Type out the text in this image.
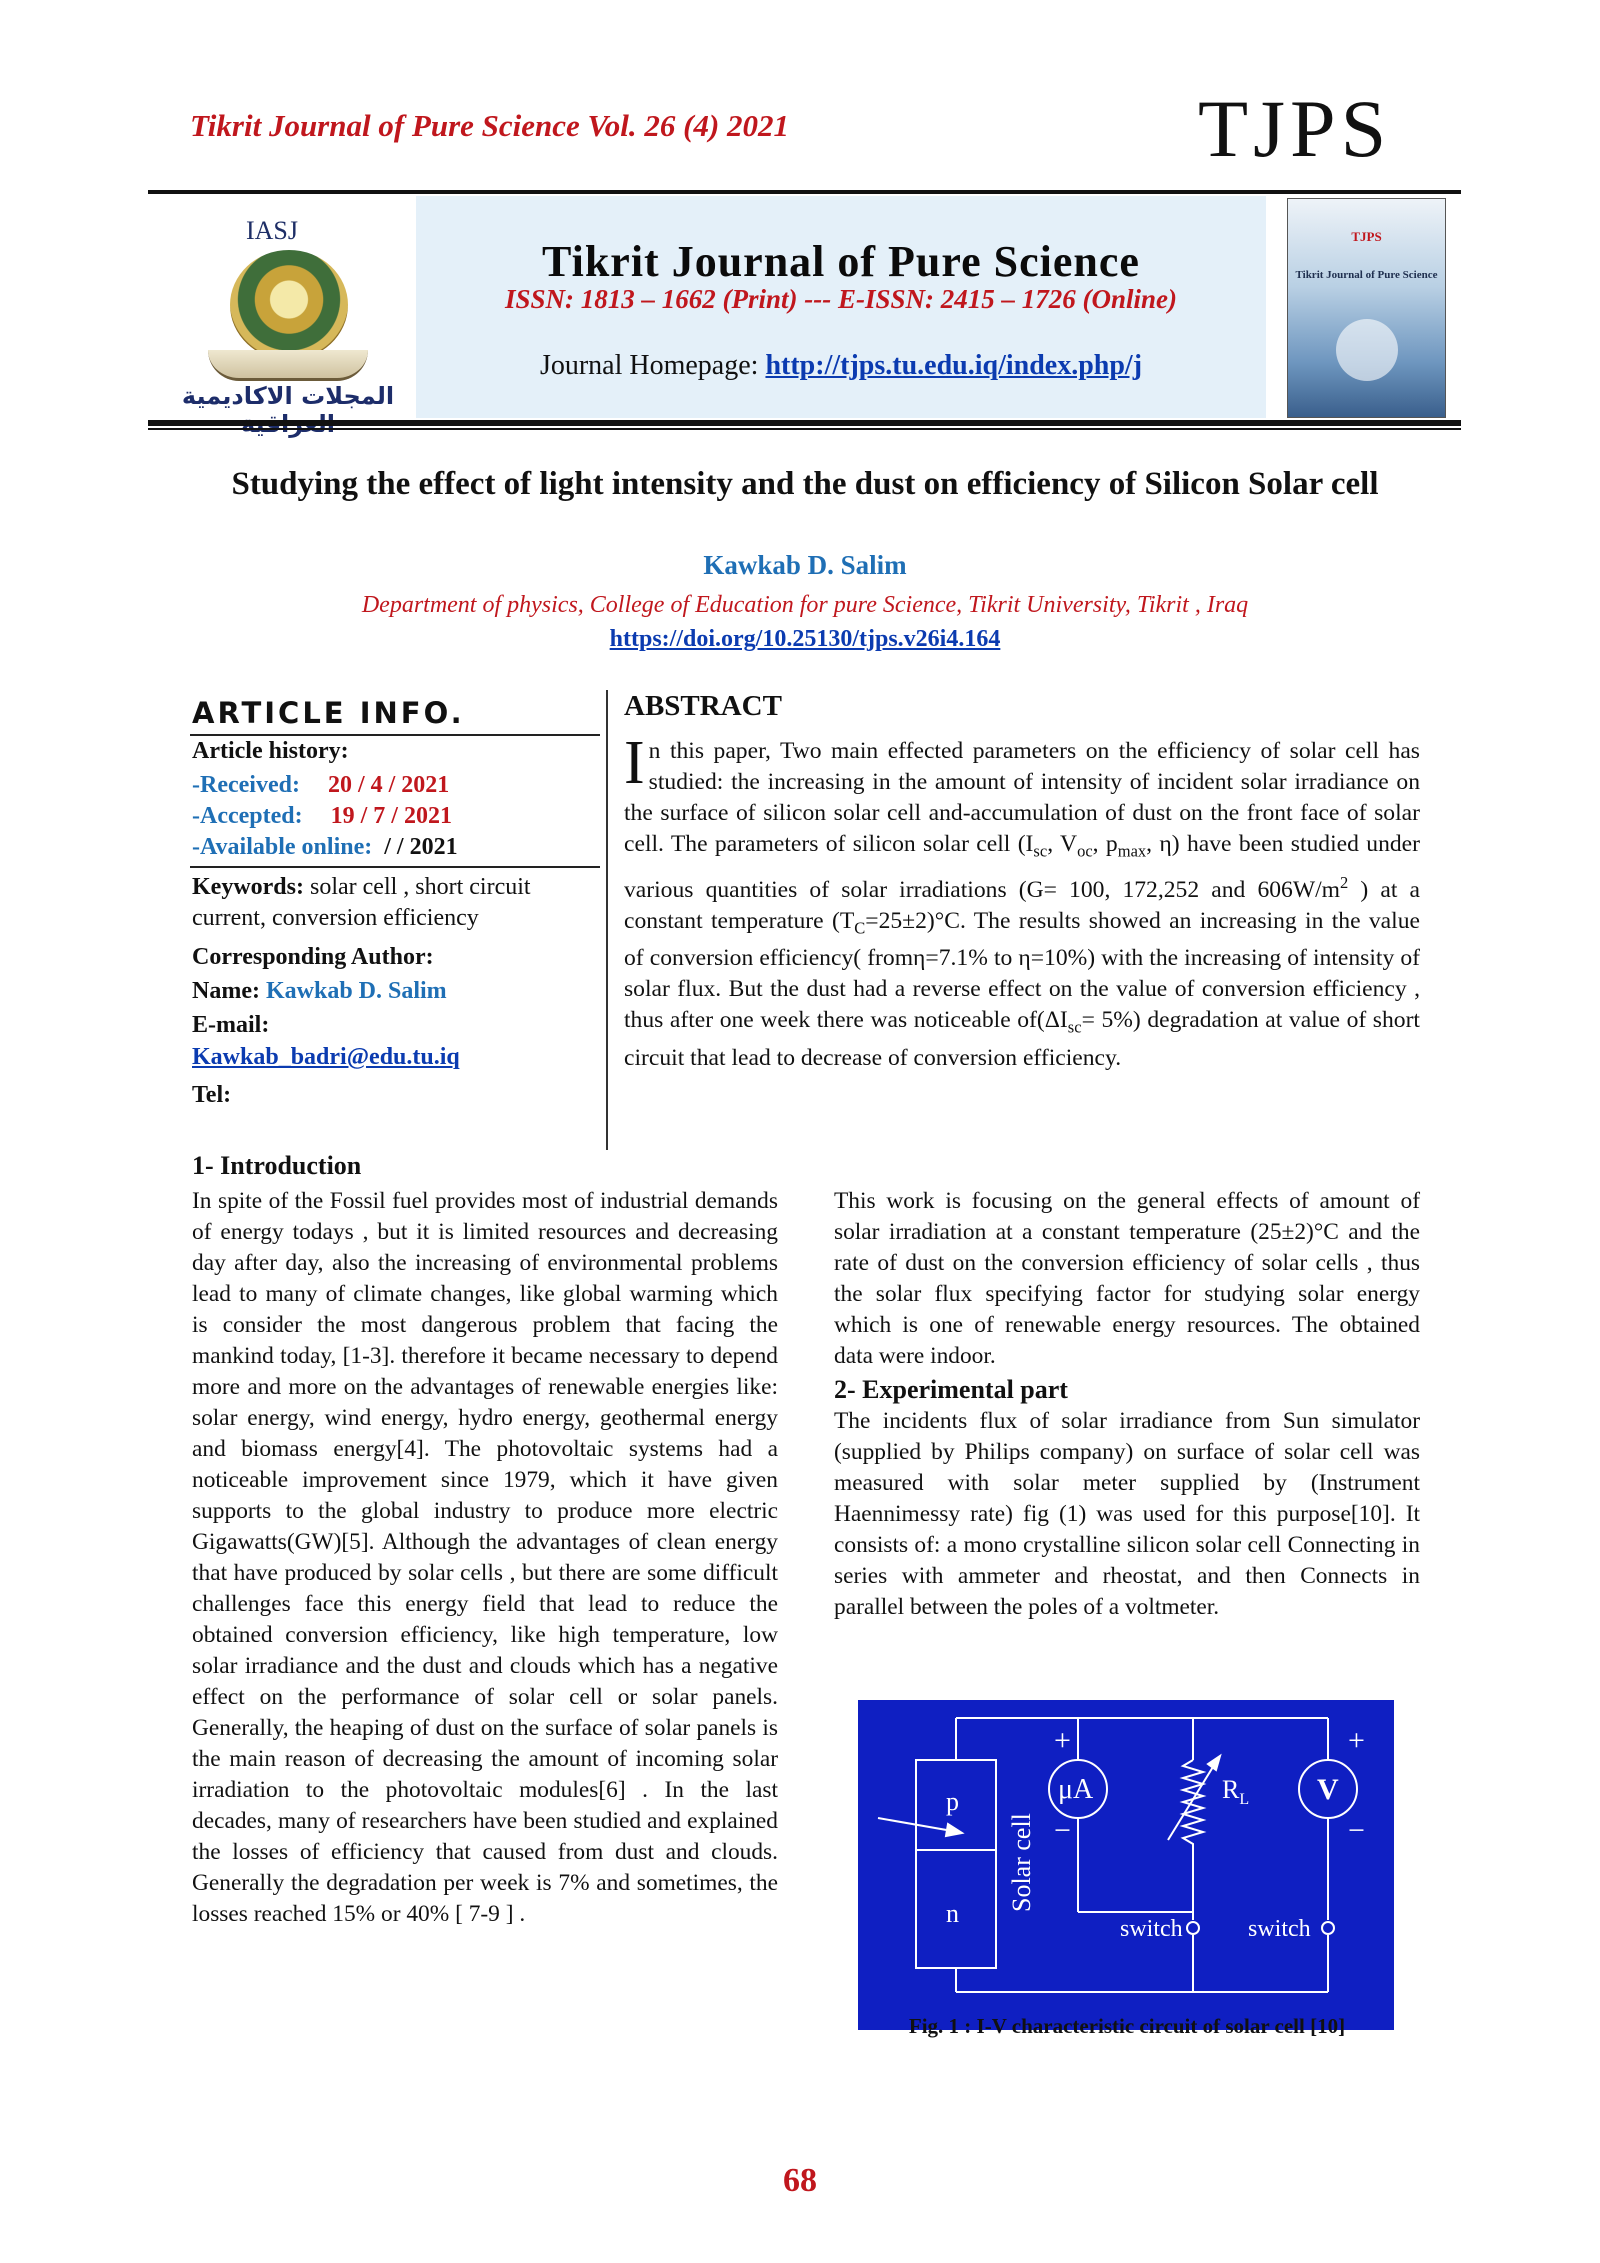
Tikrit Journal of Pure Science Vol. 26 (4) 2021	TJPS
IASJ
المجلات الاكاديمية
Tikrit Journal of Pure Science
ISSN: 1813 – 1662 (Print) --- E-ISSN: 2415 – 1726 (Online)
Journal Homepage: http://tjps.tu.edu.iq/index.php/j
TJPS
Tikrit Journal of Pure Science
Studying the effect of light intensity and the dust on efficiency of Silicon Solar cell
Kawkab D. Salim
Department of physics, College of Education for pure Science, Tikrit University, Tikrit , Iraq
https://doi.org/10.25130/tjps.v26i4.164
ARTICLE INFO.
Article history:
-Received: 20 / 4 / 2021
-Accepted: 19 / 7 / 2021
-Available online: / / 2021
Keywords: solar cell , short circuit current, conversion efficiency
Corresponding Author:
Name: Kawkab D. Salim
E-mail:
Kawkab_badri@edu.tu.iq
Tel:
ABSTRACT
In this paper, Two main effected parameters on the efficiency of solar cell has studied: the increasing in the amount of intensity of incident solar irradiance on the surface of silicon solar cell and-accumulation of dust on the front face of solar cell. The parameters of silicon solar cell ($I_{sc}$, $V_{oc}$, $p_{max}$, η) have been studied under various quantities of solar irradiations (G= 100, 172,252 and $606W/m^2$ ) at a constant temperature $(T_C=25\pm 2)^\circ C$. The results showed an increasing in the value of conversion efficiency( fromη=7.1% to η=10%) with the increasing of intensity of solar flux. But the dust had a reverse effect on the value of conversion efficiency , thus after one week there was noticeable $of(\Delta I_{sc}= 5\%)$ degradation at value of short circuit that lead to decrease of conversion efficiency.
1- Introduction
In spite of the Fossil fuel provides most of industrial demands of energy todays , but it is limited resources and decreasing day after day, also the increasing of environmental problems lead to many of climate changes, like global warming which is consider the most dangerous problem that facing the mankind today, [1-3]. therefore it became necessary to depend more and more on the advantages of renewable energies like: solar energy, wind energy, hydro energy, geothermal energy and biomass energy[4]. The photovoltaic systems had a noticeable improvement since 1979, which it have given supports to the global industry to produce more electric Gigawatts(GW)[5]. Although the advantages of clean energy that have produced by solar cells , but there are some difficult challenges face this energy field that lead to reduce the obtained conversion efficiency, like high temperature, low solar irradiance and the dust and clouds which has a negative effect on the performance of solar cell or solar panels. Generally, the heaping of dust on the surface of solar panels is the main reason of decreasing the amount of incoming solar irradiation to the photovoltaic modules[6] . In the last decades, many of researchers have been studied and explained the losses of efficiency that caused from dust and clouds. Generally the degradation per week is 7% and sometimes, the losses reached 15% or 40% [ 7-9 ] .
This work is focusing on the general effects of amount of solar irradiation at a constant temperature (25±2)°C and the rate of dust on the conversion efficiency of solar cells , thus the solar flux specifying factor for studying solar energy which is one of renewable energy resources. The obtained data were indoor.
2- Experimental part
The incidents flux of solar irradiance from Sun simulator (supplied by Philips company) on surface of solar cell was measured with solar meter supplied by (Instrument Haennimessy rate) fig (1) was used for this purpose[10]. It consists of: a mono crystalline silicon solar cell Connecting in series with ammeter and rheostat, and then Connects in parallel between the poles of a voltmeter.
p
n
Solar cell
μA	V
$R_L$
switch	switch
+
−
+
−
Fig. 1 : I-V characteristic circuit of solar cell [10]
68
